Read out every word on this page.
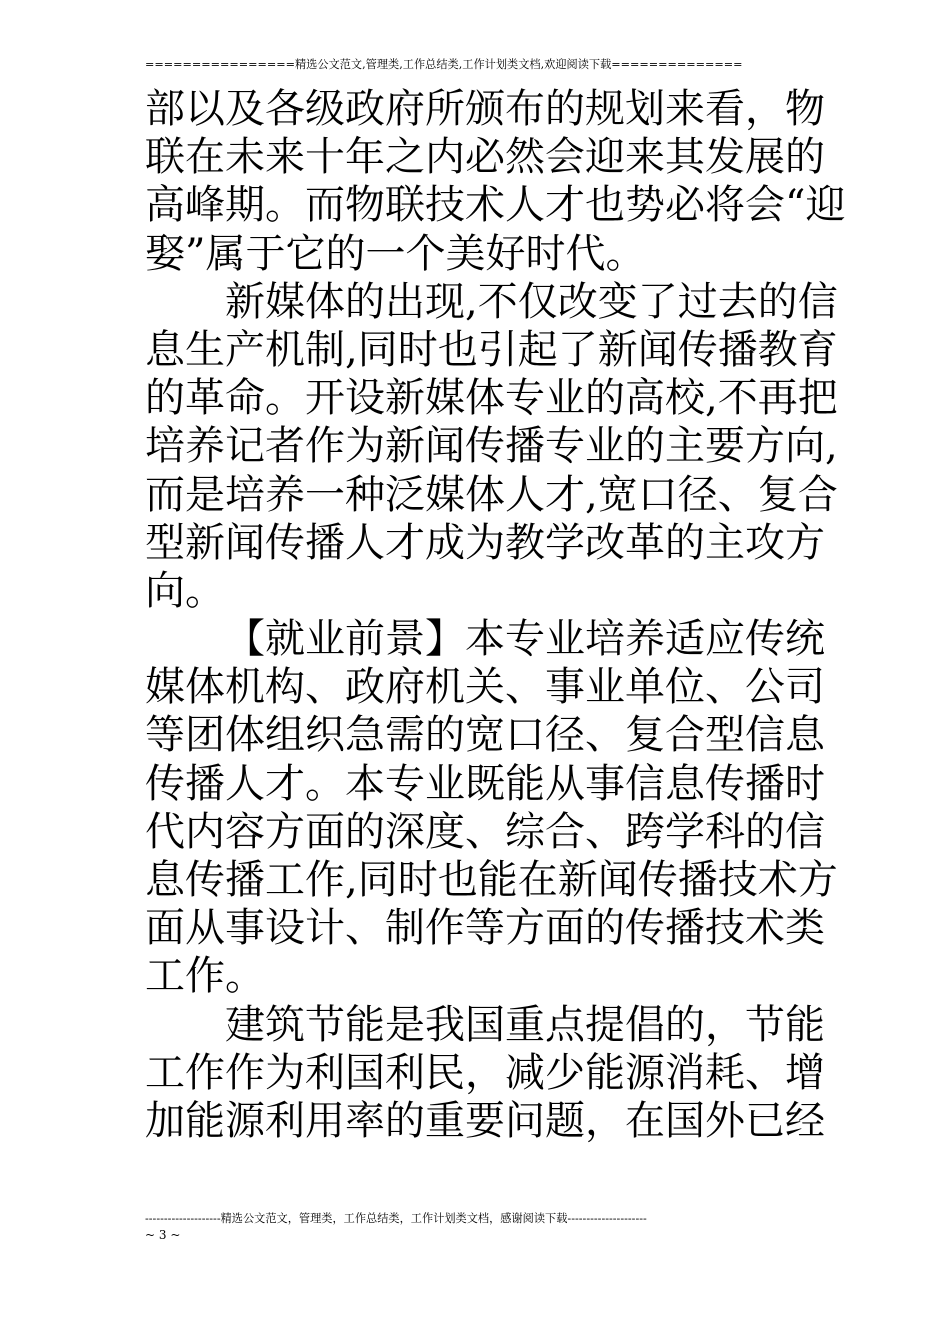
================精选公文范文,管理类,工作总结类,工作计划类文档,欢迎阅读下载==============
部以及各级政府所颁布的规划来看，物
联在未来十年之内必然会迎来其发展的
高峰期。而物联技术人才也势必将会“迎
娶”属于它的一个美好时代。
新媒体的出现,不仅改变了过去的信
息生产机制,同时也引起了新闻传播教育
的革命。开设新媒体专业的高校,不再把
培养记者作为新闻传播专业的主要方向,
而是培养一种泛媒体人才,宽口径、复合
型新闻传播人才成为教学改革的主攻方
向。
【就业前景】本专业培养适应传统
媒体机构、政府机关、事业单位、公司
等团体组织急需的宽口径、复合型信息
传播人才。本专业既能从事信息传播时
代内容方面的深度、综合、跨学科的信
息传播工作,同时也能在新闻传播技术方
面从事设计、制作等方面的传播技术类
工作。
建筑节能是我国重点提倡的，节能
工作作为利国利民，减少能源消耗、增
加能源利用率的重要问题，在国外已经
--------------------精选公文范文，管理类，工作总结类，工作计划类文档，感谢阅读下载---------------------
~ 3 ~
